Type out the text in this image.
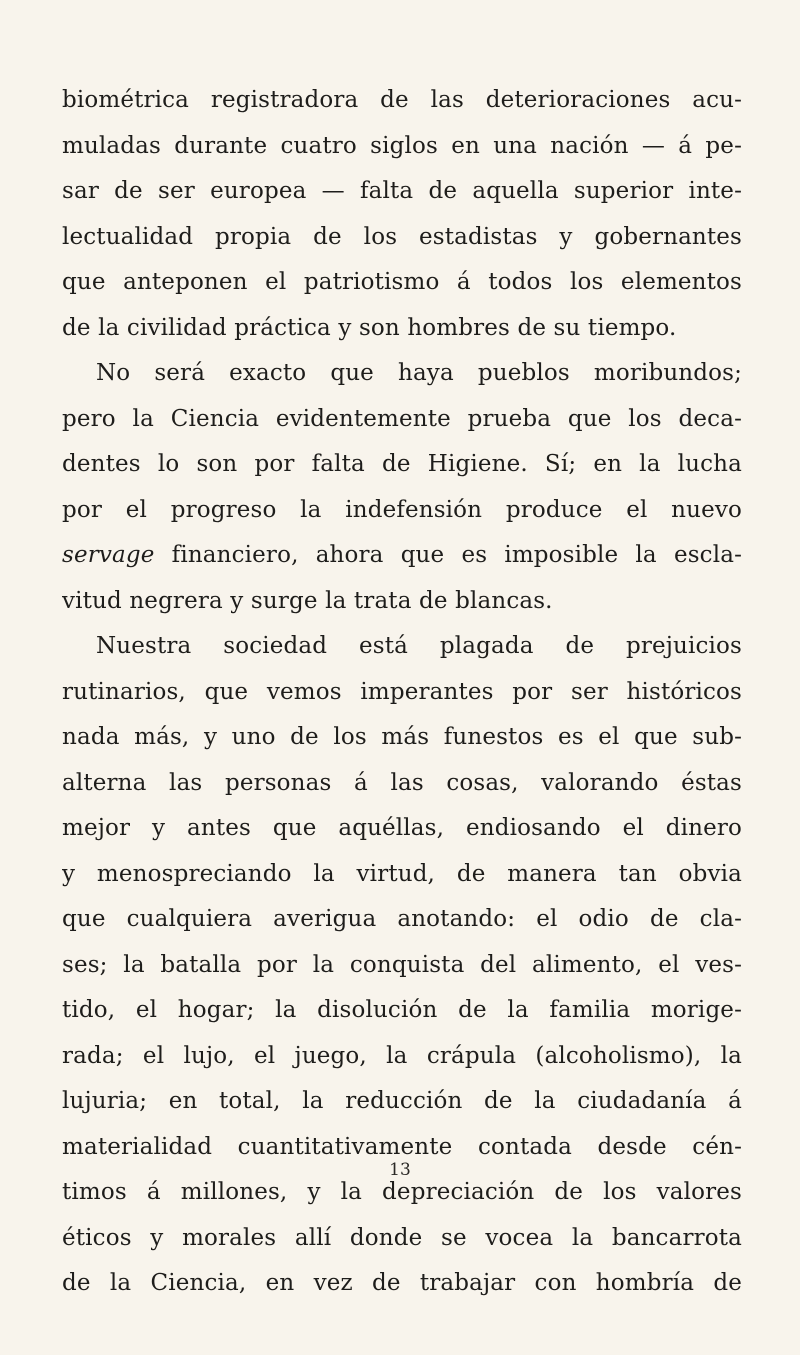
biométrica registradora de las deterioraciones acu-
muladas durante cuatro siglos en una nación — á pe-
sar de ser europea — falta de aquella superior inte-
lectualidad propia de los estadistas y gobernantes
que anteponen el patriotismo á todos los elementos
de la civilidad práctica y son hombres de su tiempo.
No será exacto que haya pueblos moribundos;
pero la Ciencia evidentemente prueba que los deca-
dentes lo son por falta de Higiene. Sí; en la lucha
por el progreso la indefensión produce el nuevo
servage financiero, ahora que es imposible la escla-
vitud negrera y surge la trata de blancas.
Nuestra sociedad está plagada de prejuicios
rutinarios, que vemos imperantes por ser históricos
nada más, y uno de los más funestos es el que sub-
alterna las personas á las cosas, valorando éstas
mejor y antes que aquéllas, endiosando el dinero
y menospreciando la virtud, de manera tan obvia
que cualquiera averigua anotando: el odio de cla-
ses; la batalla por la conquista del alimento, el ves-
tido, el hogar; la disolución de la familia morige-
rada; el lujo, el juego, la crápula (alcoholismo), la
lujuria; en total, la reducción de la ciudadanía á
materialidad cuantitativamente contada desde cén-
timos á millones, y la depreciación de los valores
éticos y morales allí donde se vocea la bancarrota
de la Ciencia, en vez de trabajar con hombría de
13
